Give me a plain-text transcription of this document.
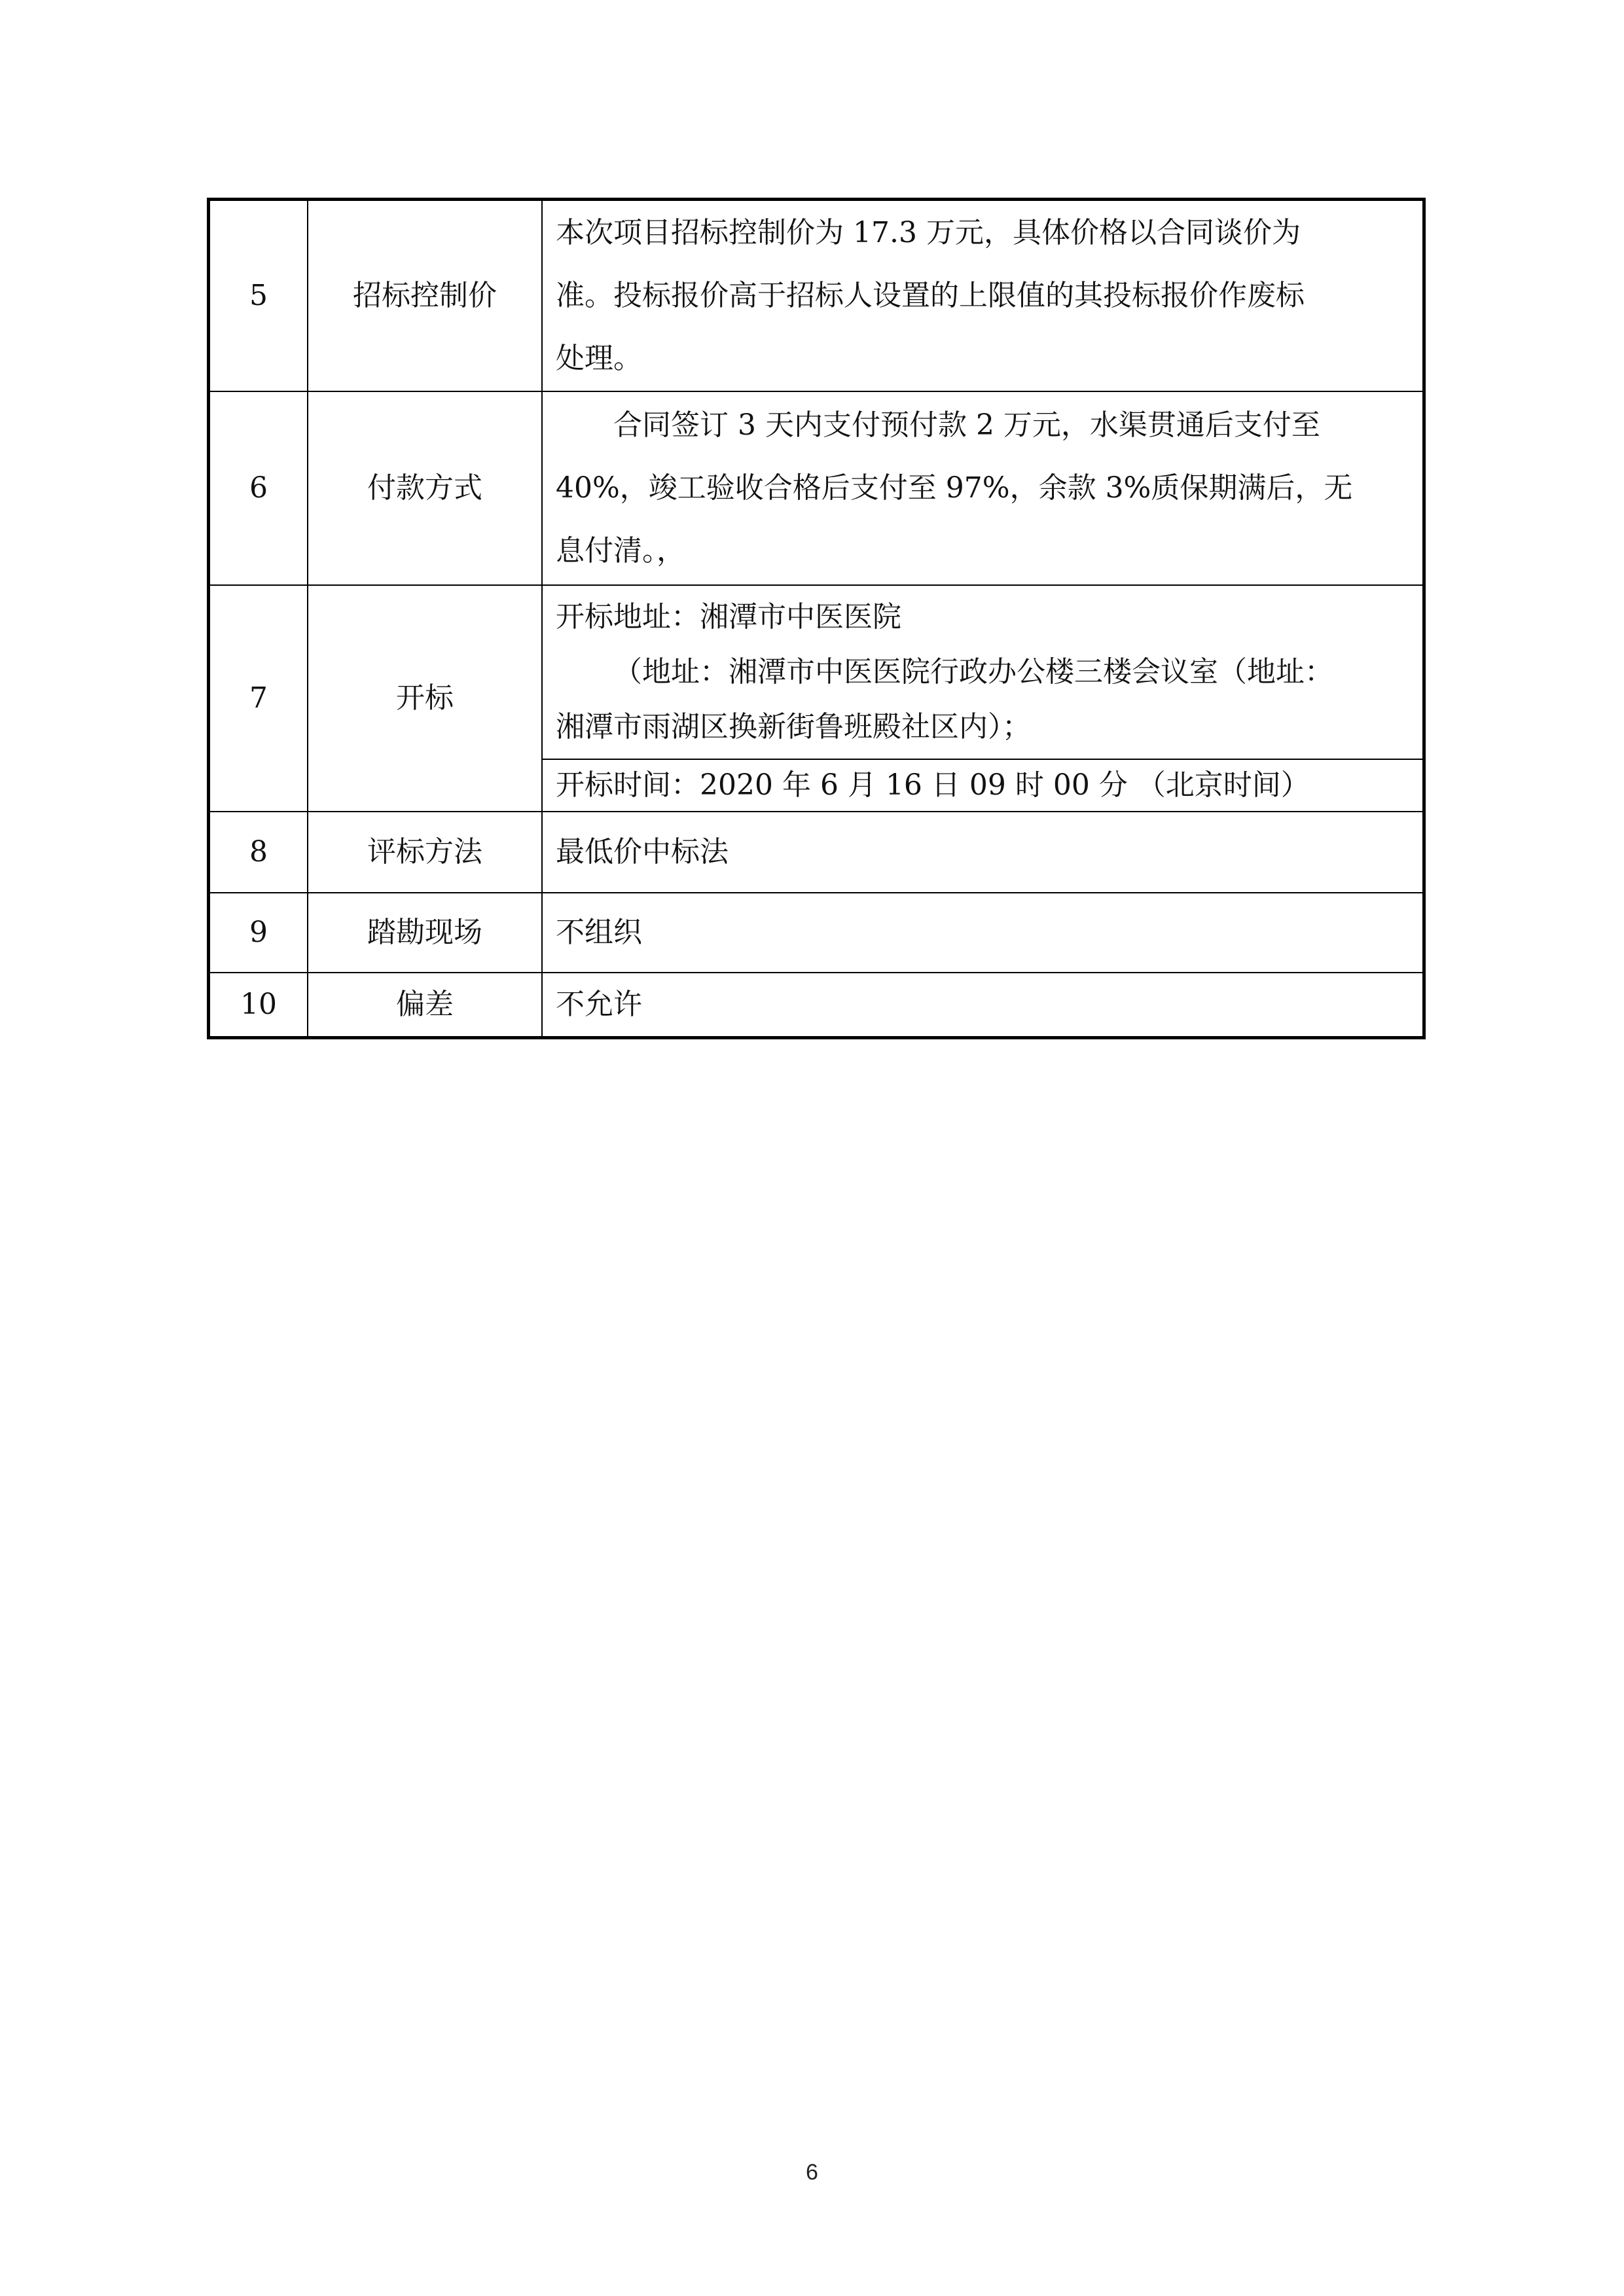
5	招标控制价	本次项目招标控制价为 17.3 万元，具体价格以合同谈价为
准。投标报价高于招标人设置的上限值的其投标报价作废标
处理。

6	付款方式	合同签订 3 天内支付预付款 2 万元，水渠贯通后支付至
40%，竣工验收合格后支付至 97%，余款 3%质保期满后，无
息付清。，

7	开标	开标地址：湘潭市中医医院
（地址：湘潭市中医医院行政办公楼三楼会议室（地址：
湘潭市雨湖区换新街鲁班殿社区内）；

		开标时间：2020 年 6 月 16 日 09 时 00 分 （北京时间）

8	评标方法	最低价中标法
9	踏勘现场	不组织
10	偏差	不允许
6
